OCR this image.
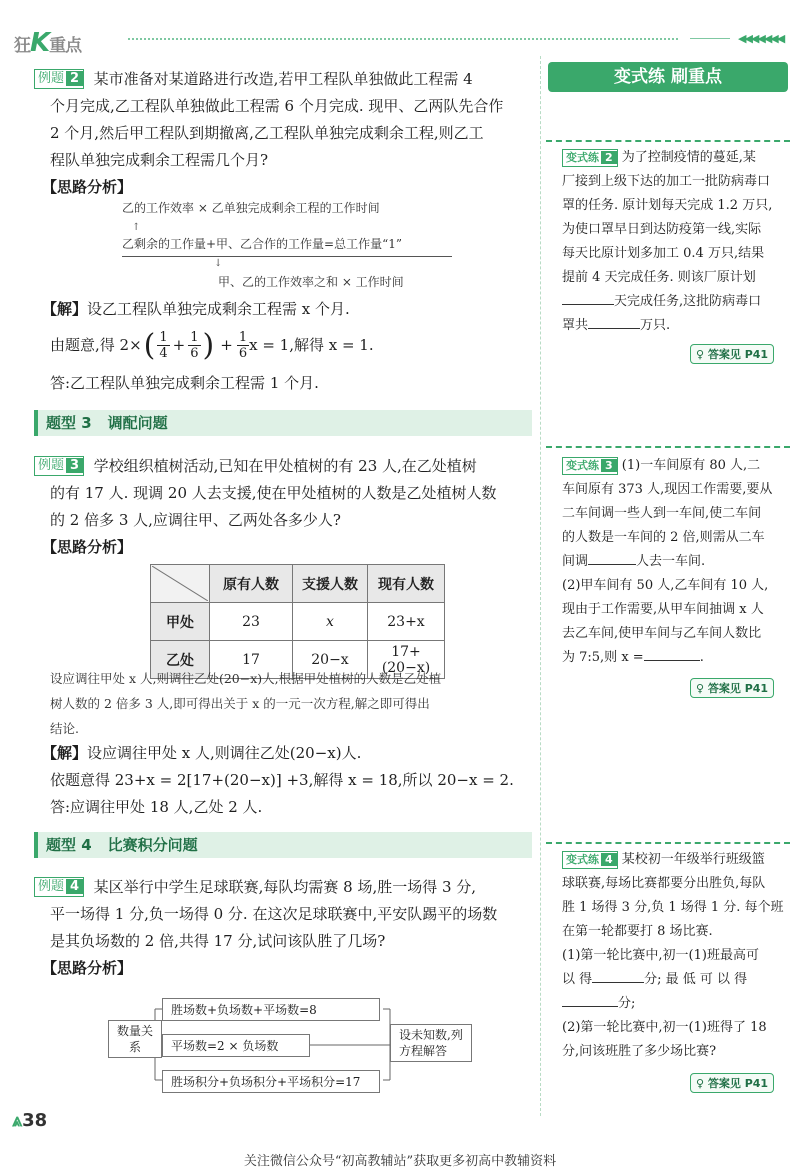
狂K重点	◀◀◀◀◀◀◀
例题 2 某市准备对某道路进行改造,若甲工程队单独做此工程需 4
个月完成,乙工程队单独做此工程需 6 个月完成. 现甲、乙两队先合作
2 个月,然后甲工程队到期撤离,乙工程队单独完成剩余工程,则乙工
程队单独完成剩余工程需几个月?
【思路分析】
乙的工作效率 × 乙单独完成剩余工程的工作时间
↑
乙剩余的工作量+甲、乙合作的工作量=总工作量“1”
↓
甲、乙的工作效率之和 × 工作时间
【解】设乙工程队单独完成剩余工程需 x 个月.
由题意,得 2× ( 1
$4 + \frac{1}{6}$ ) + $\frac{1}{6}$ x = 1,解得 x = 1.
答:乙工程队单独完成剩余工程需 1 个月.
题型 3 调配问题
例题 3 学校组织植树活动,已知在甲处植树的有 23 人,在乙处植树
的有 17 人. 现调 20 人去支援,使在甲处植树的人数是乙处植树人数
的 2 倍多 3 人,应调往甲、乙两处各多少人?
【思路分析】
	原有人数	支援人数	现有人数
甲处	23	x	23+x
乙处	17	20−x	17+(20−x)
设应调往甲处 x 人,则调往乙处(20−x)人,根据甲处植树的人数是乙处植
树人数的 2 倍多 3 人,即可得出关于 x 的一元一次方程,解之即可得出
结论.
【解】设应调往甲处 x 人,则调往乙处(20−x)人.
依题意得 23+x = 2[17+(20−x)] +3,解得 x = 18,所以 20−x = 2.
答:应调往甲处 18 人,乙处 2 人.
题型 4 比赛积分问题
例题 4 某区举行中学生足球联赛,每队均需赛 8 场,胜一场得 3 分,
平一场得 1 分,负一场得 0 分. 在这次足球联赛中,平安队踢平的场数
是其负场数的 2 倍,共得 17 分,试问该队胜了几场?
【思路分析】
数量关系
胜场数+负场数+平场数=8
平场数=2 × 负场数
胜场积分+负场积分+平场积分=17
设未知数,列方程解答
变式练 刷重点
变式练 2 为了控制疫情的蔓延,某
厂接到上级下达的加工一批防病毒口
罩的任务. 原计划每天完成 1.2 万只,
为使口罩早日到达防疫第一线,实际
每天比原计划多加工 0.4 万只,结果
提前 4 天完成任务. 则该厂原计划
天完成任务,这批防病毒口
罩共	万只.
♀ 答案见 P41
变式练 3 (1)一车间原有 80 人,二
车间原有 373 人,现因工作需要,要从
二车间调一些人到一车间,使二车间
的人数是一车间的 2 倍,则需从二车
间调	人去一车间.
(2)甲车间有 50 人,乙车间有 10 人,
现由于工作需要,从甲车间抽调 x 人
去乙车间,使甲车间与乙车间人数比
为 7:5,则 x =	.
♀ 答案见 P41
变式练 4 某校初一年级举行班级篮
球联赛,每场比赛都要分出胜负,每队
胜 1 场得 3 分,负 1 场得 1 分. 每个班
在第一轮都要打 8 场比赛.
(1)第一轮比赛中,初一(1)班最高可
以 得	分; 最 低 可 以 得
分;
(2)第一轮比赛中,初一(1)班得了 18
分,问该班胜了多少场比赛?
♀ 答案见 P41
⩓38
关注微信公众号“初高教辅站”获取更多初高中教辅资料
